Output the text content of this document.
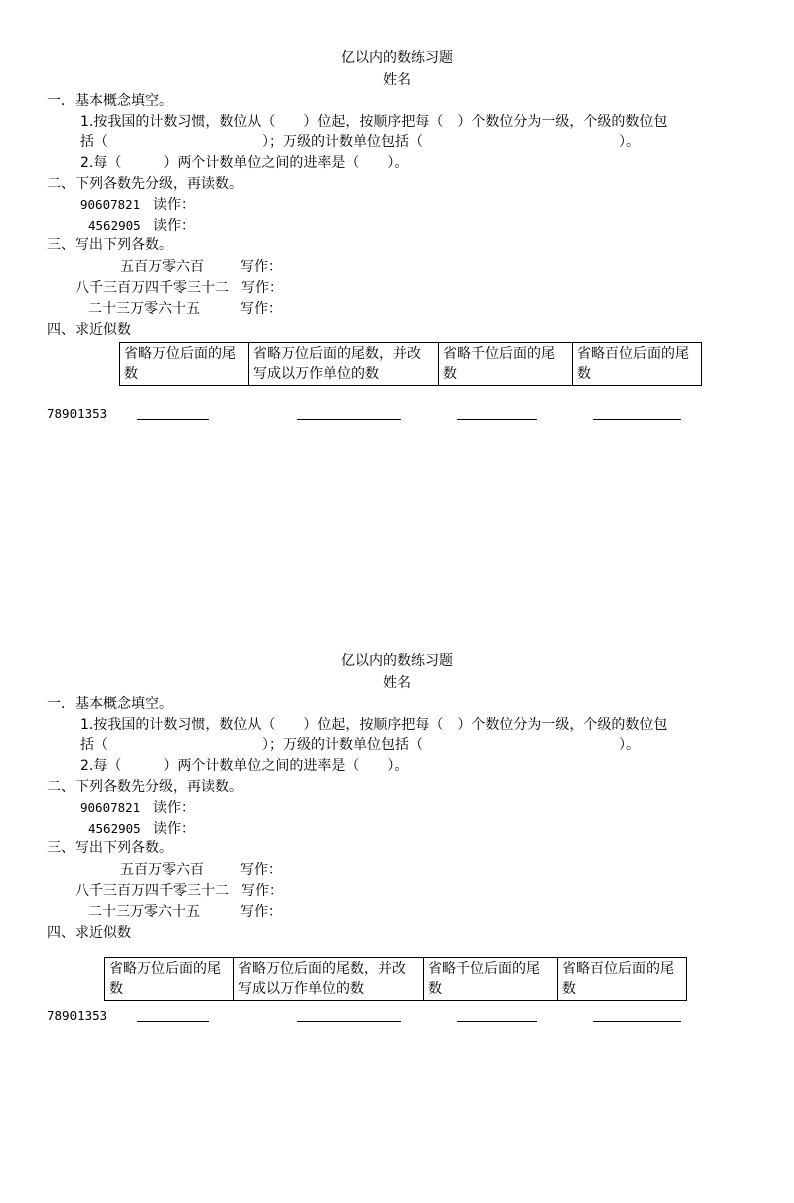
亿以内的数练习题
姓名
一．基本概念填空。
1.按我国的计数习惯，数位从（　　）位起，按顺序把每（　）个数位分为一级，个级的数位包
括（　　　　　　　　　　　）；万级的计数单位包括（　　　　　　　　　　　　　　）。
2.每（　　　）两个计数单位之间的进率是（　　）。
二、下列各数先分级，再读数。
90607821 读作：
4562905 读作：
三、写出下列各数。
五百万零六百	写作：
八千三百万四千零三十二 写作：
二十三万零六十五	写作：
四、求近似数
省略万位后面的尾数	省略万位后面的尾数，并改写成以万作单位的数	省略千位后面的尾数	省略百位后面的尾数
78901353
亿以内的数练习题
姓名
一．基本概念填空。
1.按我国的计数习惯，数位从（　　）位起，按顺序把每（　）个数位分为一级，个级的数位包
括（　　　　　　　　　　　）；万级的计数单位包括（　　　　　　　　　　　　　　）。
2.每（　　　）两个计数单位之间的进率是（　　）。
二、下列各数先分级，再读数。
90607821 读作：
4562905 读作：
三、写出下列各数。
五百万零六百	写作：
八千三百万四千零三十二 写作：
二十三万零六十五	写作：
四、求近似数
省略万位后面的尾数	省略万位后面的尾数，并改写成以万作单位的数	省略千位后面的尾数	省略百位后面的尾数
78901353
